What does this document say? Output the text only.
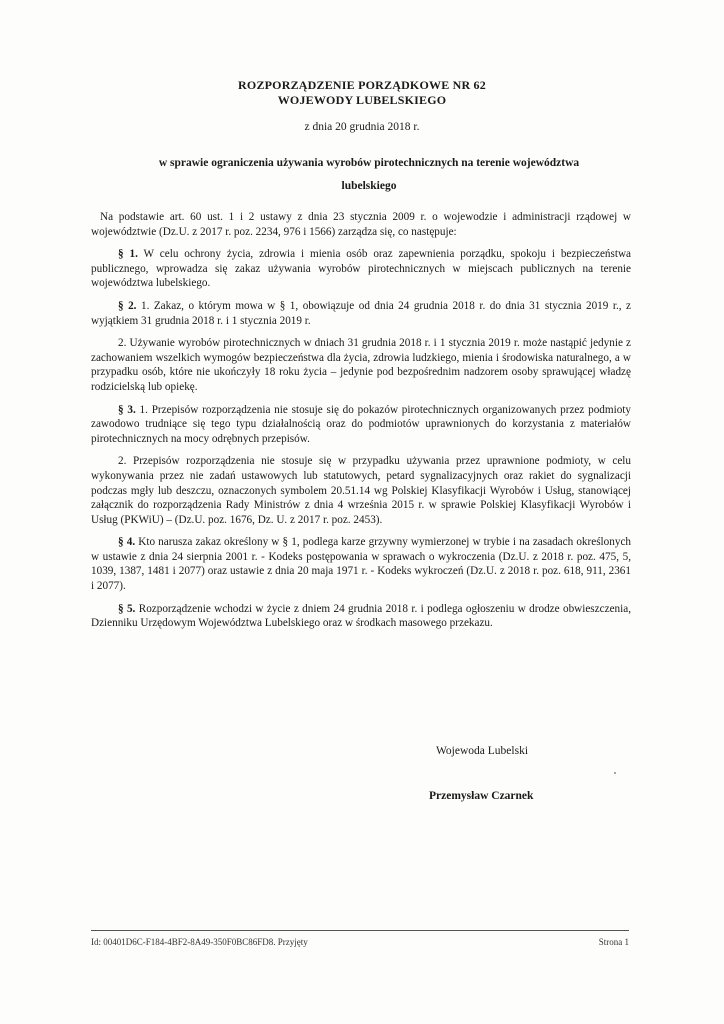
ROZPORZĄDZENIE PORZĄDKOWE NR 62
WOJEWODY LUBELSKIEGO
z dnia 20 grudnia 2018 r.
w sprawie ograniczenia używania wyrobów pirotechnicznych na terenie województwa lubelskiego

Na podstawie art. 60 ust. 1 i 2 ustawy z dnia 23 stycznia 2009 r. o wojewodzie i administracji rządowej w województwie (Dz.U. z 2017 r. poz. 2234, 976 i 1566) zarządza się, co następuje:

§ 1. W celu ochrony życia, zdrowia i mienia osób oraz zapewnienia porządku, spokoju i bezpieczeństwa publicznego, wprowadza się zakaz używania wyrobów pirotechnicznych w miejscach publicznych na terenie województwa lubelskiego.

§ 2. 1. Zakaz, o którym mowa w § 1, obowiązuje od dnia 24 grudnia 2018 r. do dnia 31 stycznia 2019 r., z wyjątkiem 31 grudnia 2018 r. i 1 stycznia 2019 r.

2. Używanie wyrobów pirotechnicznych w dniach 31 grudnia 2018 r. i 1 stycznia 2019 r. może nastąpić jedynie z zachowaniem wszelkich wymogów bezpieczeństwa dla życia, zdrowia ludzkiego, mienia i środowiska naturalnego, a w przypadku osób, które nie ukończyły 18 roku życia – jedynie pod bezpośrednim nadzorem osoby sprawującej władzę rodzicielską lub opiekę.

§ 3. 1. Przepisów rozporządzenia nie stosuje się do pokazów pirotechnicznych organizowanych przez podmioty zawodowo trudniące się tego typu działalnością oraz do podmiotów uprawnionych do korzystania z materiałów pirotechnicznych na mocy odrębnych przepisów.

2. Przepisów rozporządzenia nie stosuje się w przypadku używania przez uprawnione podmioty, w celu wykonywania przez nie zadań ustawowych lub statutowych, petard sygnalizacyjnych oraz rakiet do sygnalizacji podczas mgły lub deszczu, oznaczonych symbolem 20.51.14 wg Polskiej Klasyfikacji Wyrobów i Usług, stanowiącej załącznik do rozporządzenia Rady Ministrów z dnia 4 września 2015 r. w sprawie Polskiej Klasyfikacji Wyrobów i Usług (PKWiU) – (Dz.U. poz. 1676, Dz. U. z 2017 r. poz. 2453).

§ 4. Kto narusza zakaz określony w § 1, podlega karze grzywny wymierzonej w trybie i na zasadach określonych w ustawie z dnia 24 sierpnia 2001 r. - Kodeks postępowania w sprawach o wykroczenia (Dz.U. z 2018 r. poz. 475, 5, 1039, 1387, 1481 i 2077) oraz ustawie z dnia 20 maja 1971 r. - Kodeks wykroczeń (Dz.U. z 2018 r. poz. 618, 911, 2361 i 2077).

§ 5. Rozporządzenie wchodzi w życie z dniem 24 grudnia 2018 r. i podlega ogłoszeniu w drodze obwieszczenia, Dzienniku Urzędowym Województwa Lubelskiego oraz w środkach masowego przekazu.

Wojewoda Lubelski
Przemysław Czarnek
Id: 00401D6C-F184-4BF2-8A49-350F0BC86FD8. Przyjęty	Strona 1
